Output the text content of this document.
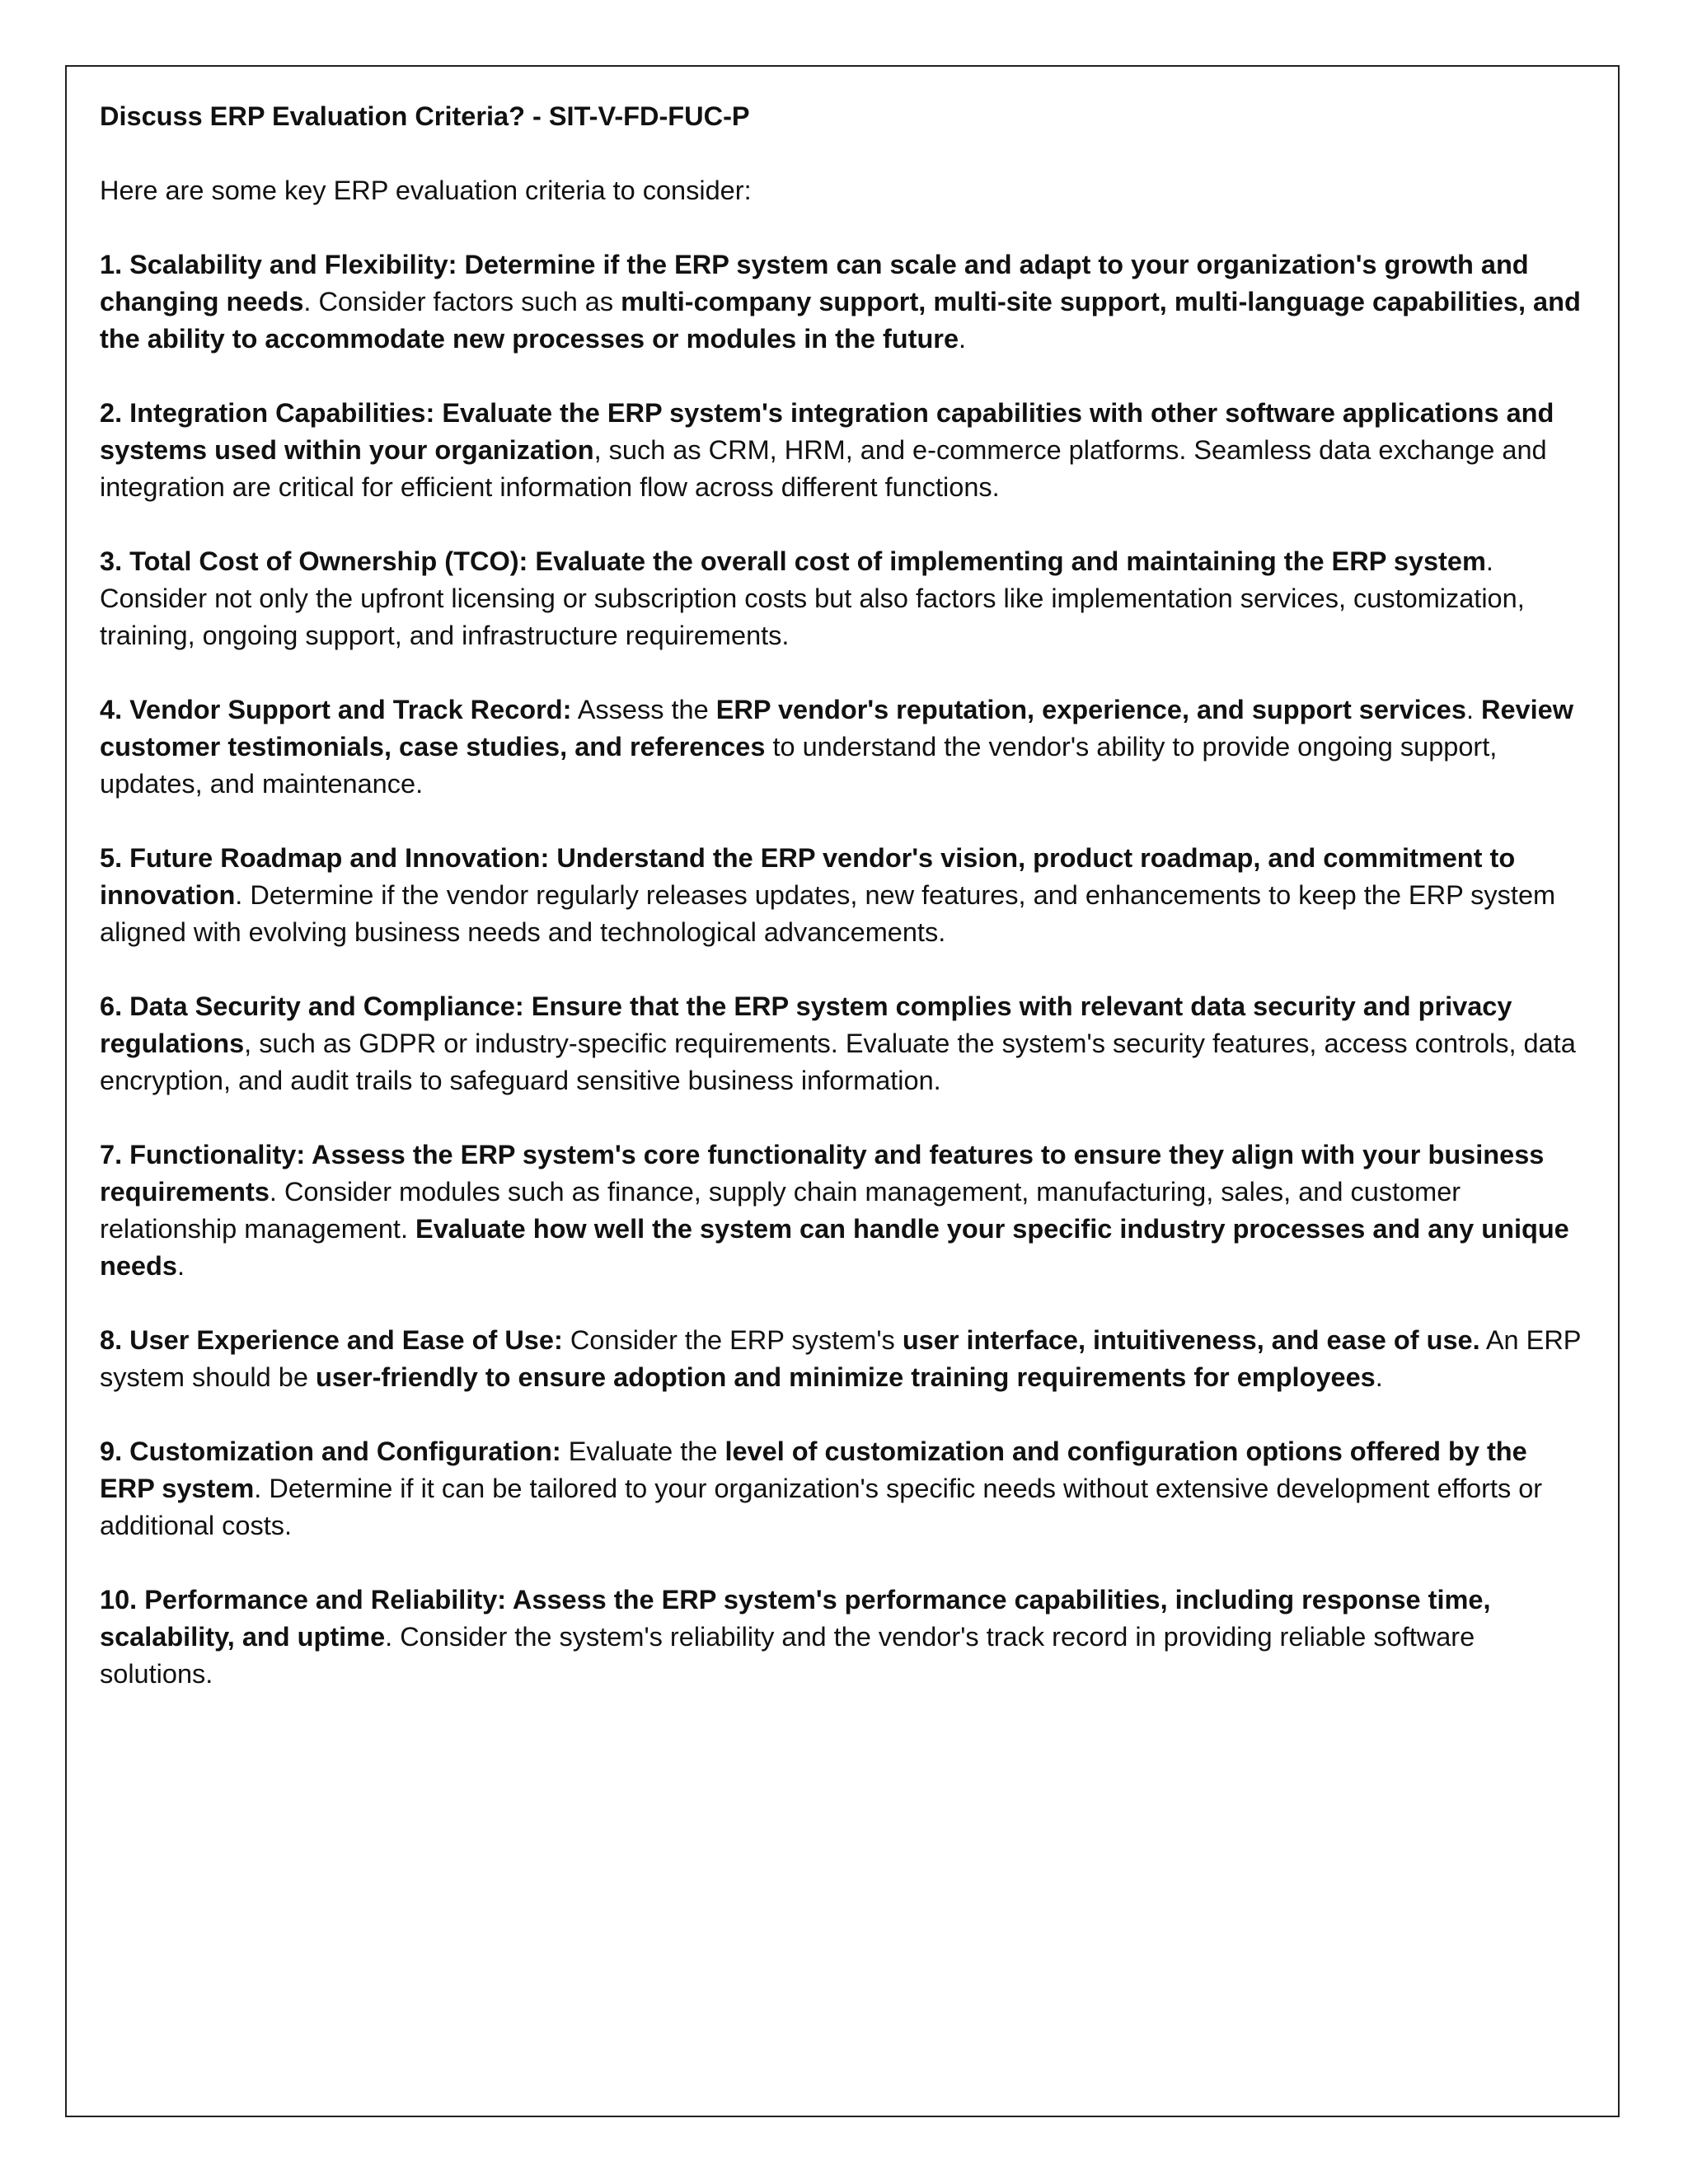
Discuss ERP Evaluation Criteria? - SIT-V-FD-FUC-P
Here are some key ERP evaluation criteria to consider:
1. Scalability and Flexibility: Determine if the ERP system can scale and adapt to your organization's growth and changing needs. Consider factors such as multi-company support, multi-site support, multi-language capabilities, and the ability to accommodate new processes or modules in the future.
2. Integration Capabilities: Evaluate the ERP system's integration capabilities with other software applications and systems used within your organization, such as CRM, HRM, and e-commerce platforms. Seamless data exchange and integration are critical for efficient information flow across different functions.
3. Total Cost of Ownership (TCO): Evaluate the overall cost of implementing and maintaining the ERP system. Consider not only the upfront licensing or subscription costs but also factors like implementation services, customization, training, ongoing support, and infrastructure requirements.
4. Vendor Support and Track Record: Assess the ERP vendor's reputation, experience, and support services. Review customer testimonials, case studies, and references to understand the vendor's ability to provide ongoing support, updates, and maintenance.
5. Future Roadmap and Innovation: Understand the ERP vendor's vision, product roadmap, and commitment to innovation. Determine if the vendor regularly releases updates, new features, and enhancements to keep the ERP system aligned with evolving business needs and technological advancements.
6. Data Security and Compliance: Ensure that the ERP system complies with relevant data security and privacy regulations, such as GDPR or industry-specific requirements. Evaluate the system's security features, access controls, data encryption, and audit trails to safeguard sensitive business information.
7. Functionality: Assess the ERP system's core functionality and features to ensure they align with your business requirements. Consider modules such as finance, supply chain management, manufacturing, sales, and customer relationship management. Evaluate how well the system can handle your specific industry processes and any unique needs.
8. User Experience and Ease of Use: Consider the ERP system's user interface, intuitiveness, and ease of use. An ERP system should be user-friendly to ensure adoption and minimize training requirements for employees.
9. Customization and Configuration: Evaluate the level of customization and configuration options offered by the ERP system. Determine if it can be tailored to your organization's specific needs without extensive development efforts or additional costs.
10. Performance and Reliability: Assess the ERP system's performance capabilities, including response time, scalability, and uptime. Consider the system's reliability and the vendor's track record in providing reliable software solutions.
